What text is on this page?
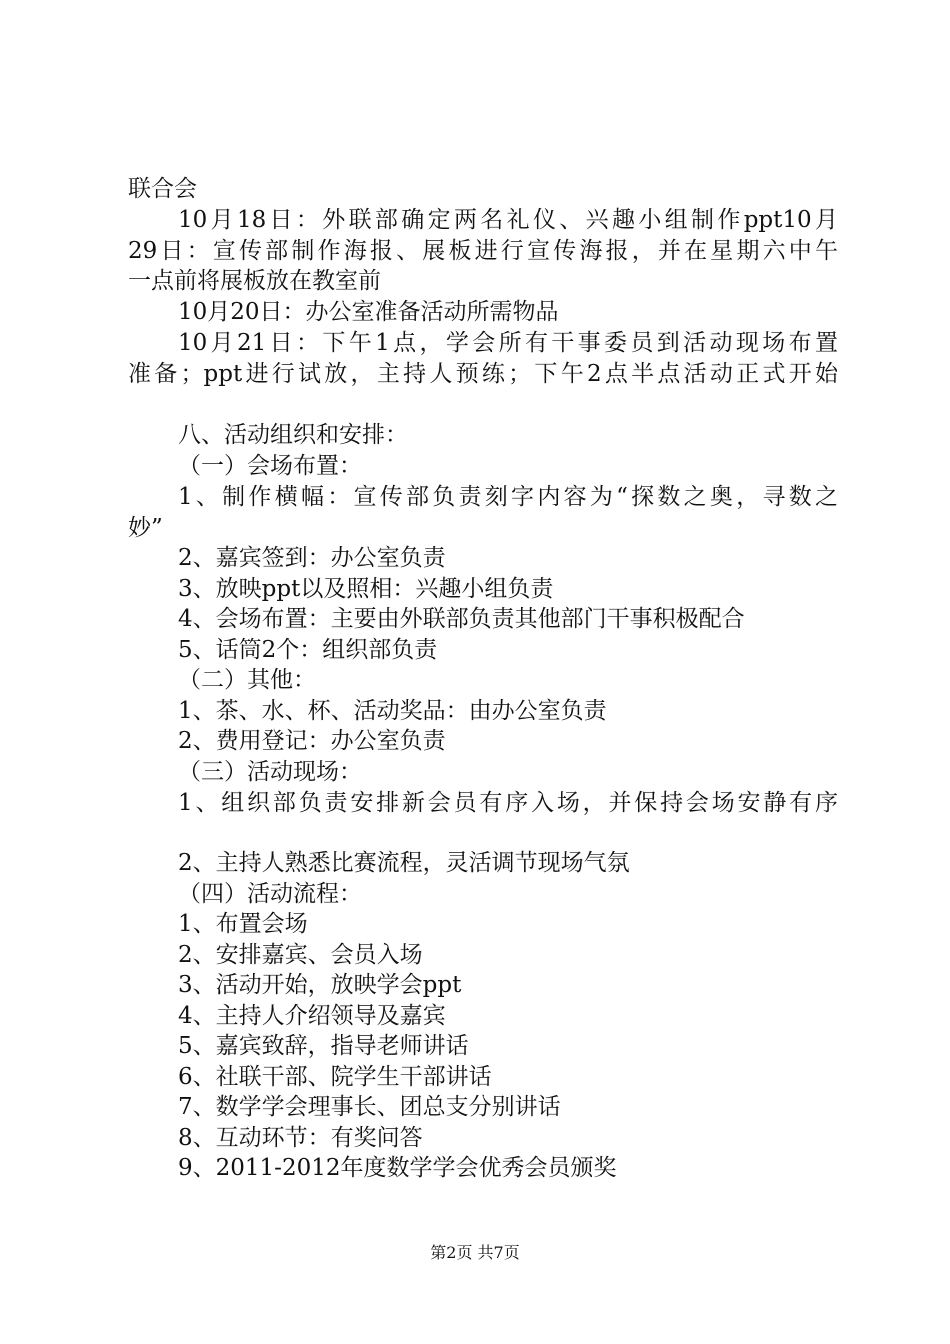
联合会
10月18日：外联部确定两名礼仪、兴趣小组制作ppt10月
29日：宣传部制作海报、展板进行宣传海报，并在星期六中午
一点前将展板放在教室前
10月20日：办公室准备活动所需物品
10月21日：下午1点，学会所有干事委员到活动现场布置
准备；ppt进行试放，主持人预练；下午2点半点活动正式开始
八、活动组织和安排：
（一）会场布置：
1、制作横幅：宣传部负责刻字内容为“探数之奥，寻数之
妙”
2、嘉宾签到：办公室负责
3、放映ppt以及照相：兴趣小组负责
4、会场布置：主要由外联部负责其他部门干事积极配合
5、话筒2个：组织部负责
（二）其他：
1、茶、水、杯、活动奖品：由办公室负责
2、费用登记：办公室负责
（三）活动现场：
1、组织部负责安排新会员有序入场，并保持会场安静有序
2、主持人熟悉比赛流程，灵活调节现场气氛
（四）活动流程：
1、布置会场
2、安排嘉宾、会员入场
3、活动开始，放映学会ppt
4、主持人介绍领导及嘉宾
5、嘉宾致辞，指导老师讲话
6、社联干部、院学生干部讲话
7、数学学会理事长、团总支分别讲话
8、互动环节：有奖问答
9、2011-2012年度数学学会优秀会员颁奖
第2页 共7页
